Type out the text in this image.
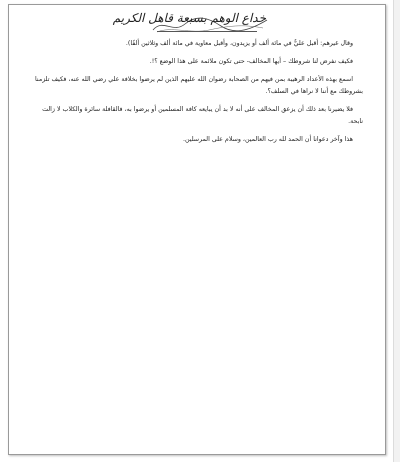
خداع الوهم بسبعة قاهل الكريم

وقال غيرهم: أقبل عليٌّ في مائة ألف أو يزيدون، وأقبل معاوية في مائة ألف وثلاثين ألفًا).

فكيف نفرض لنا شروطك – أيها المخالف- حتى تكون ملائمة على هذا الوضع ؟!.

اسمع بهذه الأعداد الرهيبة بمن فيهم من الصحابة رضوان الله عليهم الذين لم يرضوا بخلافة علي رضي الله عنه، فكيف تلزمنا بشروطك مع أننا لا نراها في السلف؟.

فلا يضيرنا بعد ذلك أن يزعق المخالف على أنه لا بد أن يبايعه كافة المسلمين أو يرضوا به، فالقافلة سائرة والكلاب لا زالت نابحة.

هذا وآخر دعوانا أن الحمد لله رب العالمين، وسلام على المرسلين.
